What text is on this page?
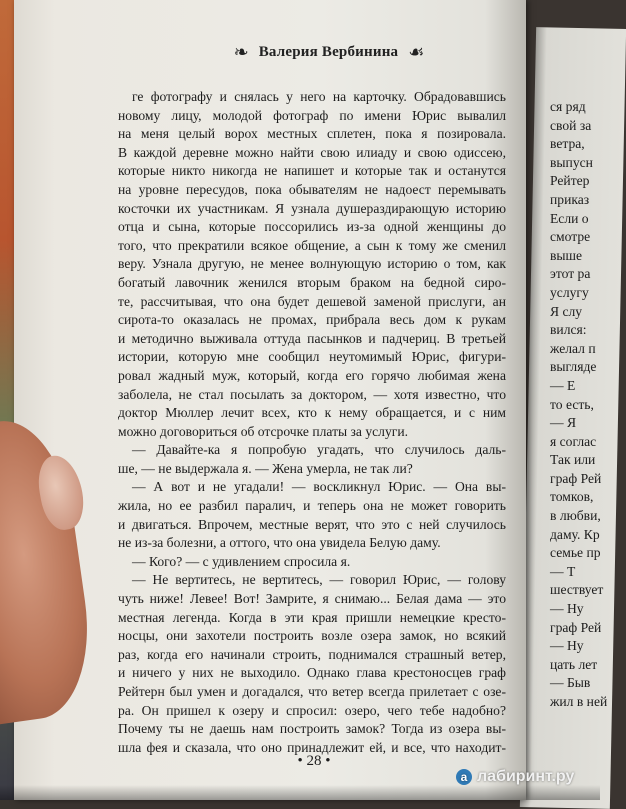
ся ряд
свой за
ветра,
выпусн
Рейтер
приказ
Если о
смотре
выше
этот ра
услугу
Я слу
вился:
желал п
выгляде
— Е
то есть,
— Я
я соглас
Так или
граф Рей
томков,
в любви,
даму. Кр
семье пр
— Т
шествует
— Ну
граф Рей
— Ну
цать лет
— Быв
жил в ней
❧ Валерия Вербинина ☙
ге фотографу и снялась у него на карточку. Обрадовавшись
новому лицу, молодой фотограф по имени Юрис вывалил
на меня целый ворох местных сплетен, пока я позировала.
В каждой деревне можно найти свою илиаду и свою одиссею,
которые никто никогда не напишет и которые так и останутся
на уровне пересудов, пока обывателям не надоест перемывать
косточки их участникам. Я узнала душераздирающую историю
отца и сына, которые поссорились из-за одной женщины до
того, что прекратили всякое общение, а сын к тому же сменил
веру. Узнала другую, не менее волнующую историю о том, как
богатый лавочник женился вторым браком на бедной сиро-
те, рассчитывая, что она будет дешевой заменой прислуги, ан
сирота-то оказалась не промах, прибрала весь дом к рукам
и методично выживала оттуда пасынков и падчериц. В третьей
истории, которую мне сообщил неутомимый Юрис, фигури-
ровал жадный муж, который, когда его горячо любимая жена
заболела, не стал посылать за доктором, — хотя известно, что
доктор Мюллер лечит всех, кто к нему обращается, и с ним
можно договориться об отсрочке платы за услуги.
— Давайте-ка я попробую угадать, что случилось даль-
ше, — не выдержала я. — Жена умерла, не так ли?
— А вот и не угадали! — воскликнул Юрис. — Она вы-
жила, но ее разбил паралич, и теперь она не может говорить
и двигаться. Впрочем, местные верят, что это с ней случилось
не из-за болезни, а оттого, что она увидела Белую даму.
— Кого? — с удивлением спросила я.
— Не вертитесь, не вертитесь, — говорил Юрис, — голову
чуть ниже! Левее! Вот! Замрите, я снимаю... Белая дама — это
местная легенда. Когда в эти края пришли немецкие кресто-
носцы, они захотели построить возле озера замок, но всякий
раз, когда его начинали строить, поднимался страшный ветер,
и ничего у них не выходило. Однако глава крестоносцев граф
Рейтерн был умен и догадался, что ветер всегда прилетает с озе-
ра. Он пришел к озеру и спросил: озеро, чего тебе надобно?
Почему ты не даешь нам построить замок? Тогда из озера вы-
шла фея и сказала, что оно принадлежит ей, и все, что находит-
• 28 •
а лабиринт.ру
